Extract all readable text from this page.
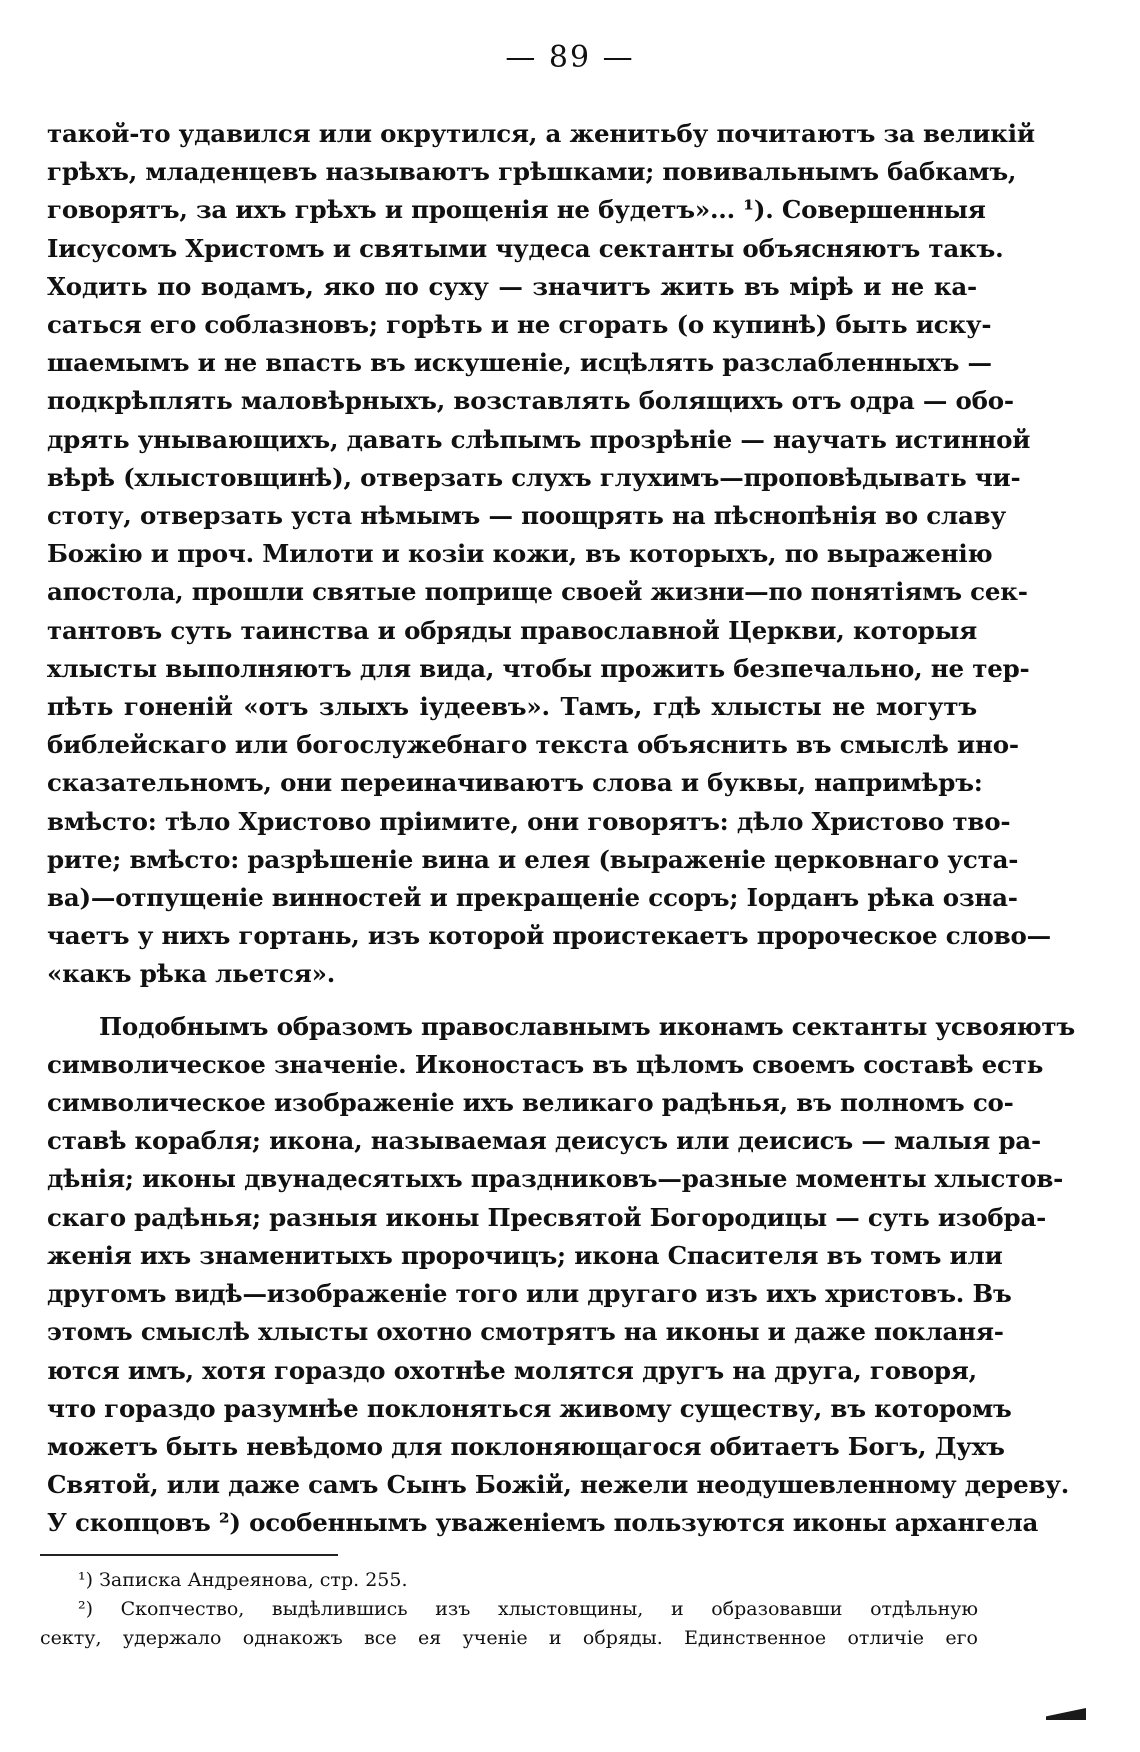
— 89 —

такой-то удавился или окрутился, а женитьбу почитаютъ за великій

грѣхъ, младенцевъ называютъ грѣшками; повивальнымъ бабкамъ,

говорятъ, за ихъ грѣхъ и прощенія не будетъ»... ¹). Совершенныя

Іисусомъ Христомъ и святыми чудеса сектанты объясняютъ такъ.

Ходить по водамъ, яко по суху — значитъ жить въ мірѣ и не ка-

саться его соблазновъ; горѣть и не сгорать (о купинѣ) быть иску-

шаемымъ и не впасть въ искушеніе, исцѣлять разслабленныхъ —

подкрѣплять маловѣрныхъ, возставлять болящихъ отъ одра — обо-

дрять унывающихъ, давать слѣпымъ прозрѣніе — научать истинной

вѣрѣ (хлыстовщинѣ), отверзать слухъ глухимъ—проповѣдывать чи-

стоту, отверзать уста нѣмымъ — поощрять на пѣснопѣнія во славу

Божію и проч. Милоти и козіи кожи, въ которыхъ, по выраженію

апостола, прошли святые поприще своей жизни—по понятіямъ сек-

тантовъ суть таинства и обряды православной Церкви, которыя

хлысты выполняютъ для вида, чтобы прожить безпечально, не тер-

пѣть гоненій «отъ злыхъ іудеевъ». Тамъ, гдѣ хлысты не могутъ

библейскаго или богослужебнаго текста объяснить въ смыслѣ ино-

сказательномъ, они переиначиваютъ слова и буквы, напримѣръ:

вмѣсто: тѣло Христово пріимите, они говорятъ: дѣло Христово тво-

рите; вмѣсто: разрѣшеніе вина и елея (выраженіе церковнаго уста-

ва)—отпущеніе винностей и прекращеніе ссоръ; Іорданъ рѣка озна-

чаетъ у нихъ гортань, изъ которой проистекаетъ пророческое слово—

«какъ рѣка льется».

Подобнымъ образомъ православнымъ иконамъ сектанты усвояютъ

символическое значеніе. Иконостасъ въ цѣломъ своемъ составѣ есть

символическое изображеніе ихъ великаго радѣнья, въ полномъ со-

ставѣ корабля; икона, называемая деисусъ или деисисъ — малыя ра-

дѣнія; иконы двунадесятыхъ праздниковъ—разные моменты хлыстов-

скаго радѣнья; разныя иконы Пресвятой Богородицы — суть изобра-

женія ихъ знаменитыхъ пророчицъ; икона Спасителя въ томъ или

другомъ видѣ—изображеніе того или другаго изъ ихъ христовъ. Въ

этомъ смыслѣ хлысты охотно смотрятъ на иконы и даже покланя-

ются имъ, хотя гораздо охотнѣе молятся другъ на друга, говоря,

что гораздо разумнѣе поклоняться живому существу, въ которомъ

можетъ быть невѣдомо для поклоняющагося обитаетъ Богъ, Духъ

Святой, или даже самъ Сынъ Божій, нежели неодушевленному дереву.

У скопцовъ ²) особеннымъ уваженіемъ пользуются иконы архангела

¹) Записка Андреянова, стр. 255.

²) Скопчество, выдѣлившись изъ хлыстовщины, и образовавши отдѣльную

секту, удержало однакожъ все ея ученіе и обряды. Единственное отличіе его
